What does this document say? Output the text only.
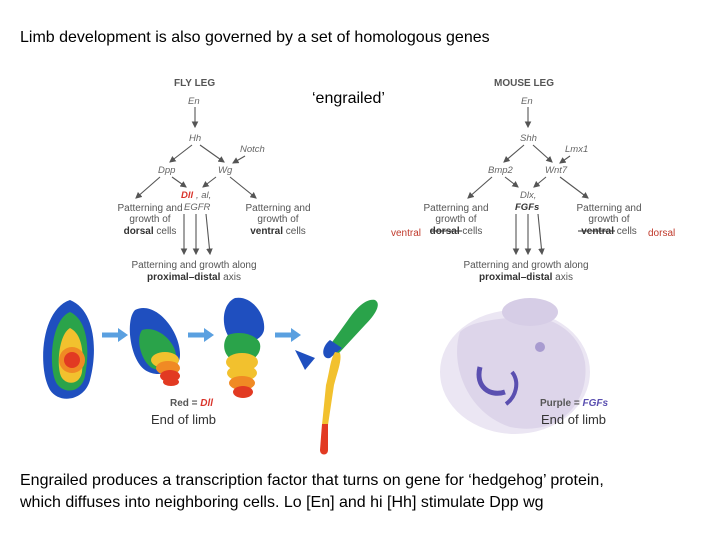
Limb development is also governed by a set of homologous genes
FLY LEG
En
Hh
Notch
Dpp	Wg
Dll , al,
EGFR
Patterning and
growth of
dorsal cells
Patterning and
growth of
ventral cells
Patterning and growth along
proximal–distal axis
MOUSE LEG
En
Shh
Lmx1
Bmp2	Wnt7
Dlx,
FGFs
Patterning and
growth of
dorsal cells
Patterning and
growth of
ventral cells
Patterning and growth along
proximal–distal axis
‘engrailed’
ventral	dorsal
Red = Dll
End of limb
Purple = FGFs
End of limb
Engrailed produces a transcription factor that turns on gene for ‘hedgehog’ protein,
which diffuses into neighboring cells. Lo [En] and hi [Hh] stimulate Dpp wg
